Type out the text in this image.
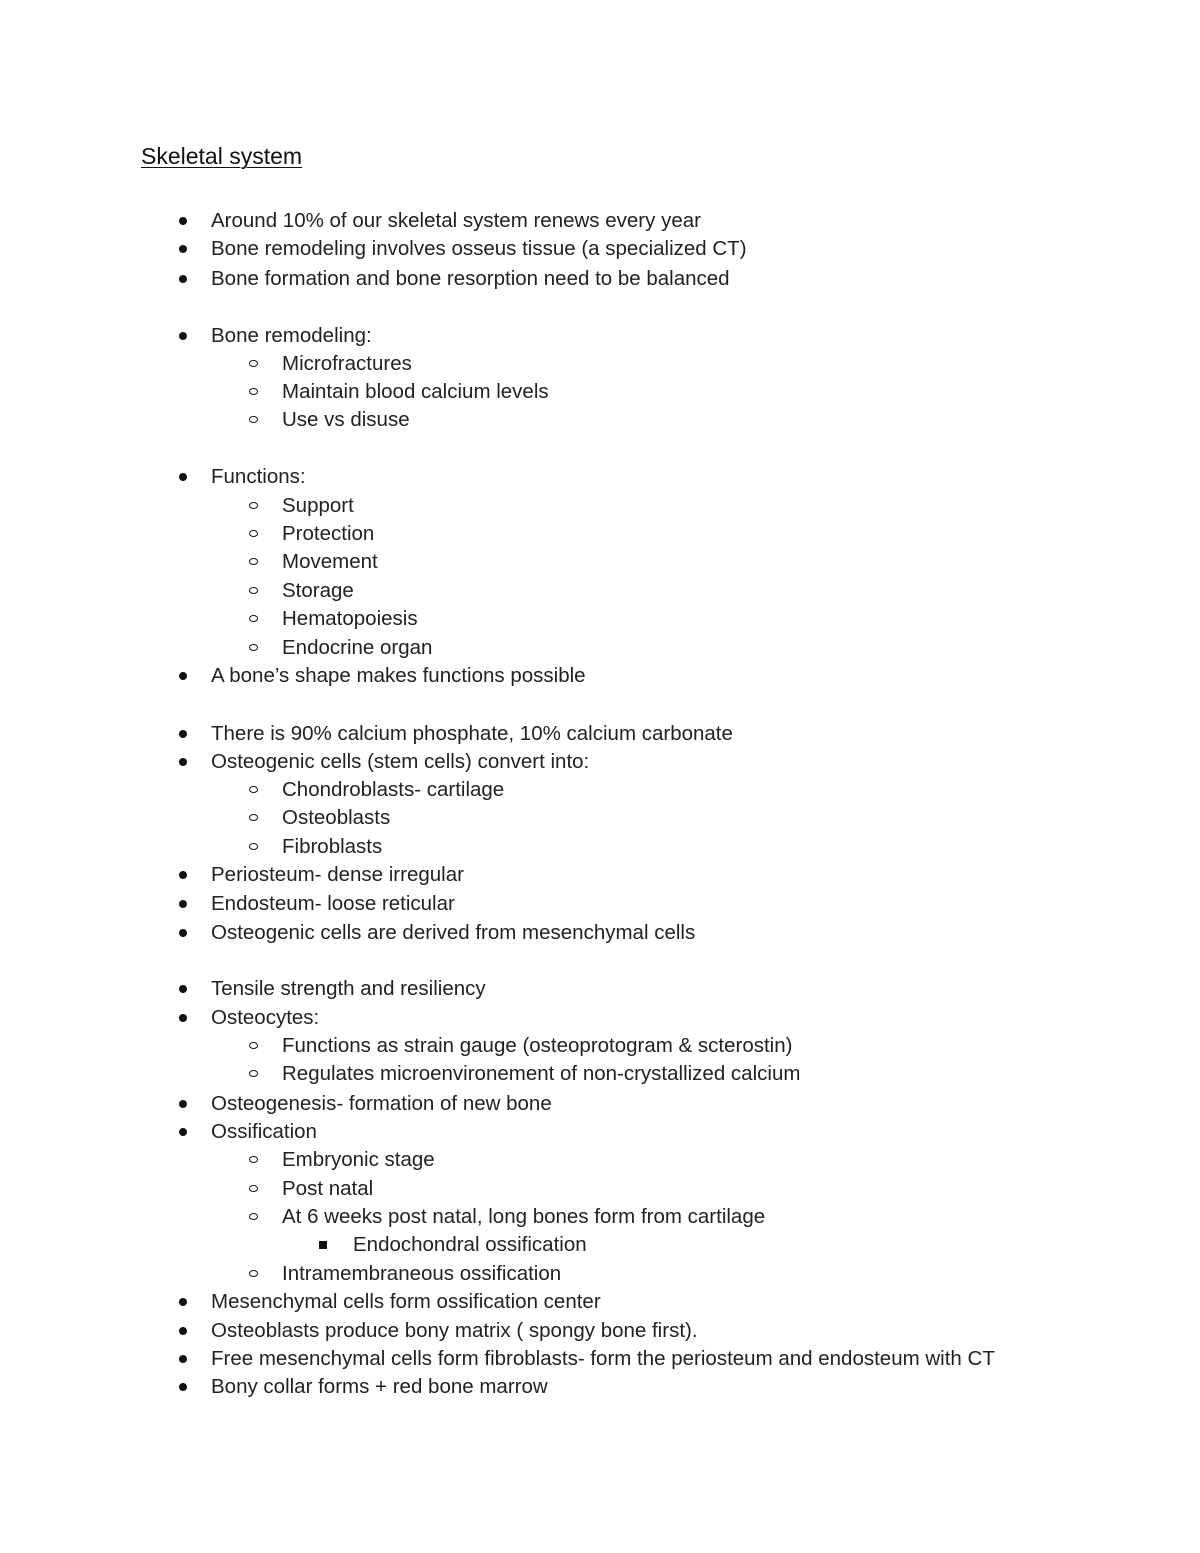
Skeletal system
Around 10% of our skeletal system renews every year
Bone remodeling involves osseus tissue (a specialized CT)
Bone formation and bone resorption need to be balanced
Bone remodeling:
Microfractures
Maintain blood calcium levels
Use vs disuse
Functions:
Support
Protection
Movement
Storage
Hematopoiesis
Endocrine organ
A bone’s shape makes functions possible
There is 90% calcium phosphate, 10% calcium carbonate
Osteogenic cells (stem cells) convert into:
Chondroblasts- cartilage
Osteoblasts
Fibroblasts
Periosteum- dense irregular
Endosteum- loose reticular
Osteogenic cells are derived from mesenchymal cells
Tensile strength and resiliency
Osteocytes:
Functions as strain gauge (osteoprotogram & scterostin)
Regulates microenvironement of non-crystallized calcium
Osteogenesis- formation of new bone
Ossification
Embryonic stage
Post natal
At 6 weeks post natal, long bones form from cartilage
Endochondral ossification
Intramembraneous ossification
Mesenchymal cells form ossification center
Osteoblasts produce bony matrix ( spongy bone first).
Free mesenchymal cells form fibroblasts- form the periosteum and endosteum with CT
Bony collar forms + red bone marrow
